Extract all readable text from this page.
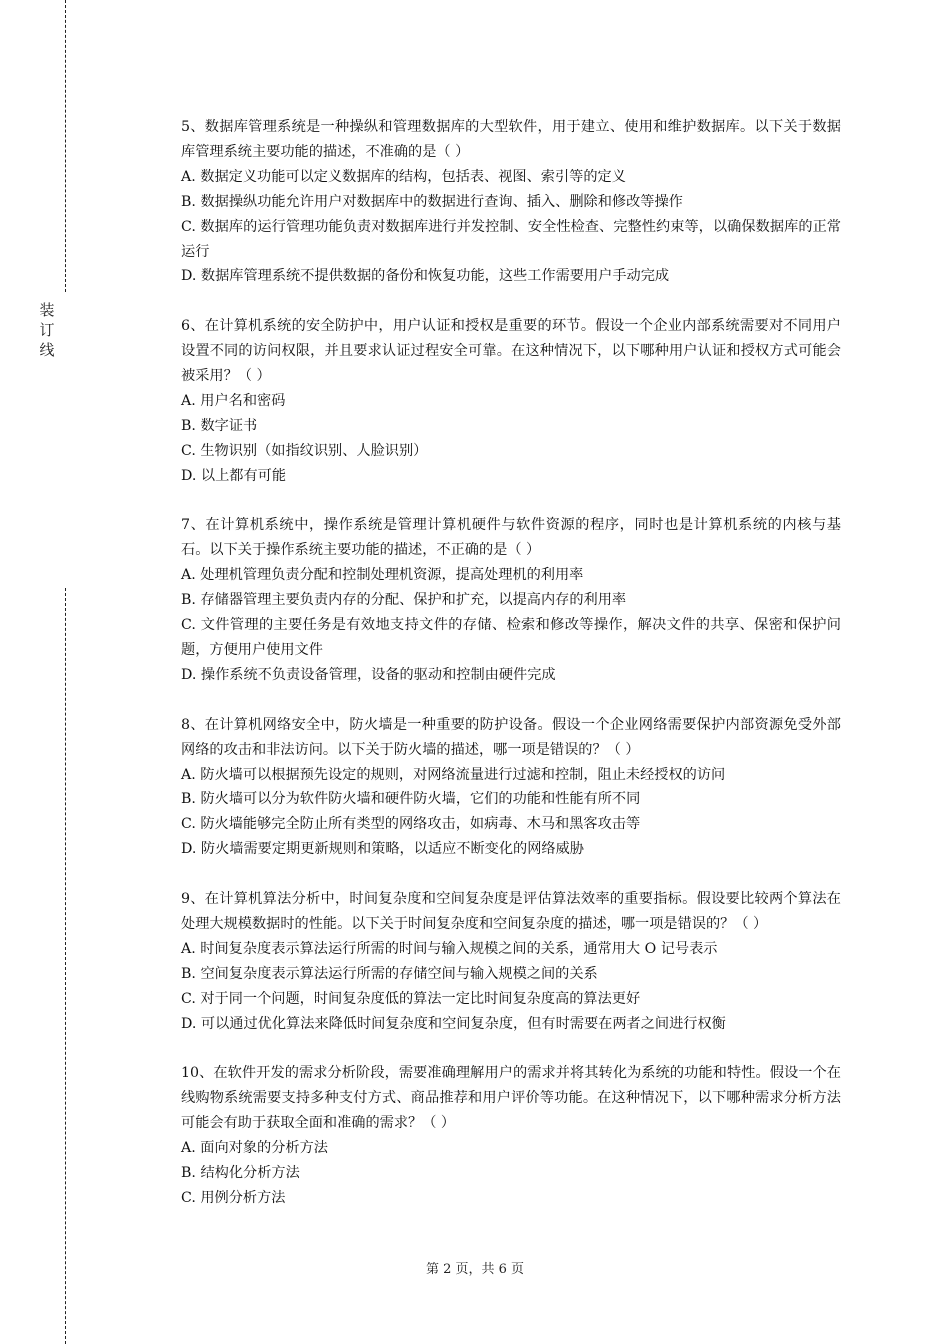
装
订
线
5、数据库管理系统是一种操纵和管理数据库的大型软件，用于建立、使用和维护数据库。以下关于数据库管理系统主要功能的描述，不准确的是（ ）
A. 数据定义功能可以定义数据库的结构，包括表、视图、索引等的定义
B. 数据操纵功能允许用户对数据库中的数据进行查询、插入、删除和修改等操作
C. 数据库的运行管理功能负责对数据库进行并发控制、安全性检查、完整性约束等，以确保数据库的正常运行
D. 数据库管理系统不提供数据的备份和恢复功能，这些工作需要用户手动完成
6、在计算机系统的安全防护中，用户认证和授权是重要的环节。假设一个企业内部系统需要对不同用户设置不同的访问权限，并且要求认证过程安全可靠。在这种情况下，以下哪种用户认证和授权方式可能会被采用？（ ）
A. 用户名和密码
B. 数字证书
C. 生物识别（如指纹识别、人脸识别）
D. 以上都有可能
7、在计算机系统中，操作系统是管理计算机硬件与软件资源的程序，同时也是计算机系统的内核与基石。以下关于操作系统主要功能的描述，不正确的是（ ）
A. 处理机管理负责分配和控制处理机资源，提高处理机的利用率
B. 存储器管理主要负责内存的分配、保护和扩充，以提高内存的利用率
C. 文件管理的主要任务是有效地支持文件的存储、检索和修改等操作，解决文件的共享、保密和保护问题，方便用户使用文件
D. 操作系统不负责设备管理，设备的驱动和控制由硬件完成
8、在计算机网络安全中，防火墙是一种重要的防护设备。假设一个企业网络需要保护内部资源免受外部网络的攻击和非法访问。以下关于防火墙的描述，哪一项是错误的？（ ）
A. 防火墙可以根据预先设定的规则，对网络流量进行过滤和控制，阻止未经授权的访问
B. 防火墙可以分为软件防火墙和硬件防火墙，它们的功能和性能有所不同
C. 防火墙能够完全防止所有类型的网络攻击，如病毒、木马和黑客攻击等
D. 防火墙需要定期更新规则和策略，以适应不断变化的网络威胁
9、在计算机算法分析中，时间复杂度和空间复杂度是评估算法效率的重要指标。假设要比较两个算法在处理大规模数据时的性能。以下关于时间复杂度和空间复杂度的描述，哪一项是错误的？（ ）
A. 时间复杂度表示算法运行所需的时间与输入规模之间的关系，通常用大 O 记号表示
B. 空间复杂度表示算法运行所需的存储空间与输入规模之间的关系
C. 对于同一个问题，时间复杂度低的算法一定比时间复杂度高的算法更好
D. 可以通过优化算法来降低时间复杂度和空间复杂度，但有时需要在两者之间进行权衡
10、在软件开发的需求分析阶段，需要准确理解用户的需求并将其转化为系统的功能和特性。假设一个在线购物系统需要支持多种支付方式、商品推荐和用户评价等功能。在这种情况下，以下哪种需求分析方法可能会有助于获取全面和准确的需求？（ ）
A. 面向对象的分析方法
B. 结构化分析方法
C. 用例分析方法
第 2 页，共 6 页
